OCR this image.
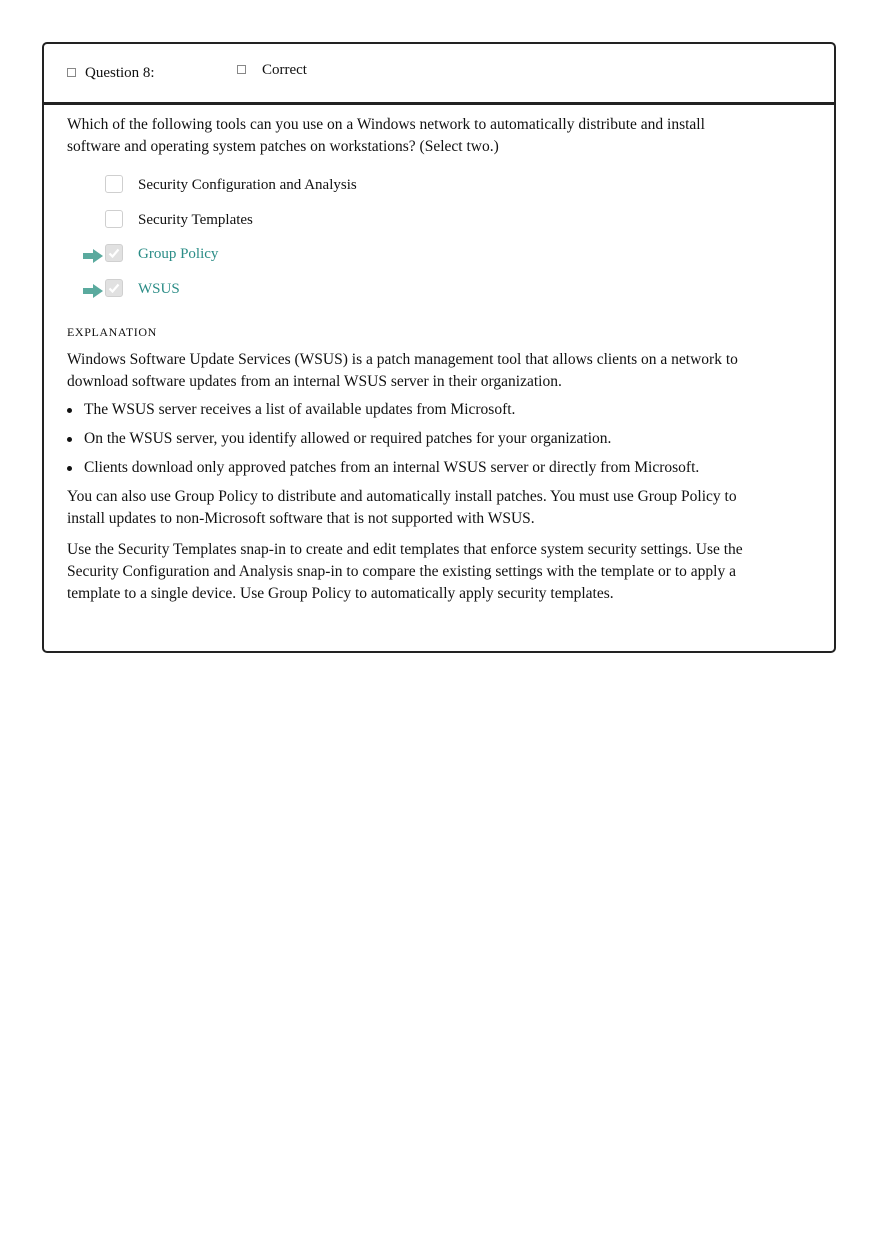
Question 8:	Correct

Which of the following tools can you use on a Windows network to automatically distribute and install software and operating system patches on workstations? (Select two.)

Security Configuration and Analysis
Security Templates
Group Policy
WSUS
EXPLANATION

Windows Software Update Services (WSUS) is a patch management tool that allows clients on a network to download software updates from an internal WSUS server in their organization.

The WSUS server receives a list of available updates from Microsoft.
On the WSUS server, you identify allowed or required patches for your organization.
Clients download only approved patches from an internal WSUS server or directly from Microsoft.

You can also use Group Policy to distribute and automatically install patches. You must use Group Policy to install updates to non-Microsoft software that is not supported with WSUS.

Use the Security Templates snap-in to create and edit templates that enforce system security settings. Use the Security Configuration and Analysis snap-in to compare the existing settings with the template or to apply a template to a single device. Use Group Policy to automatically apply security templates.
